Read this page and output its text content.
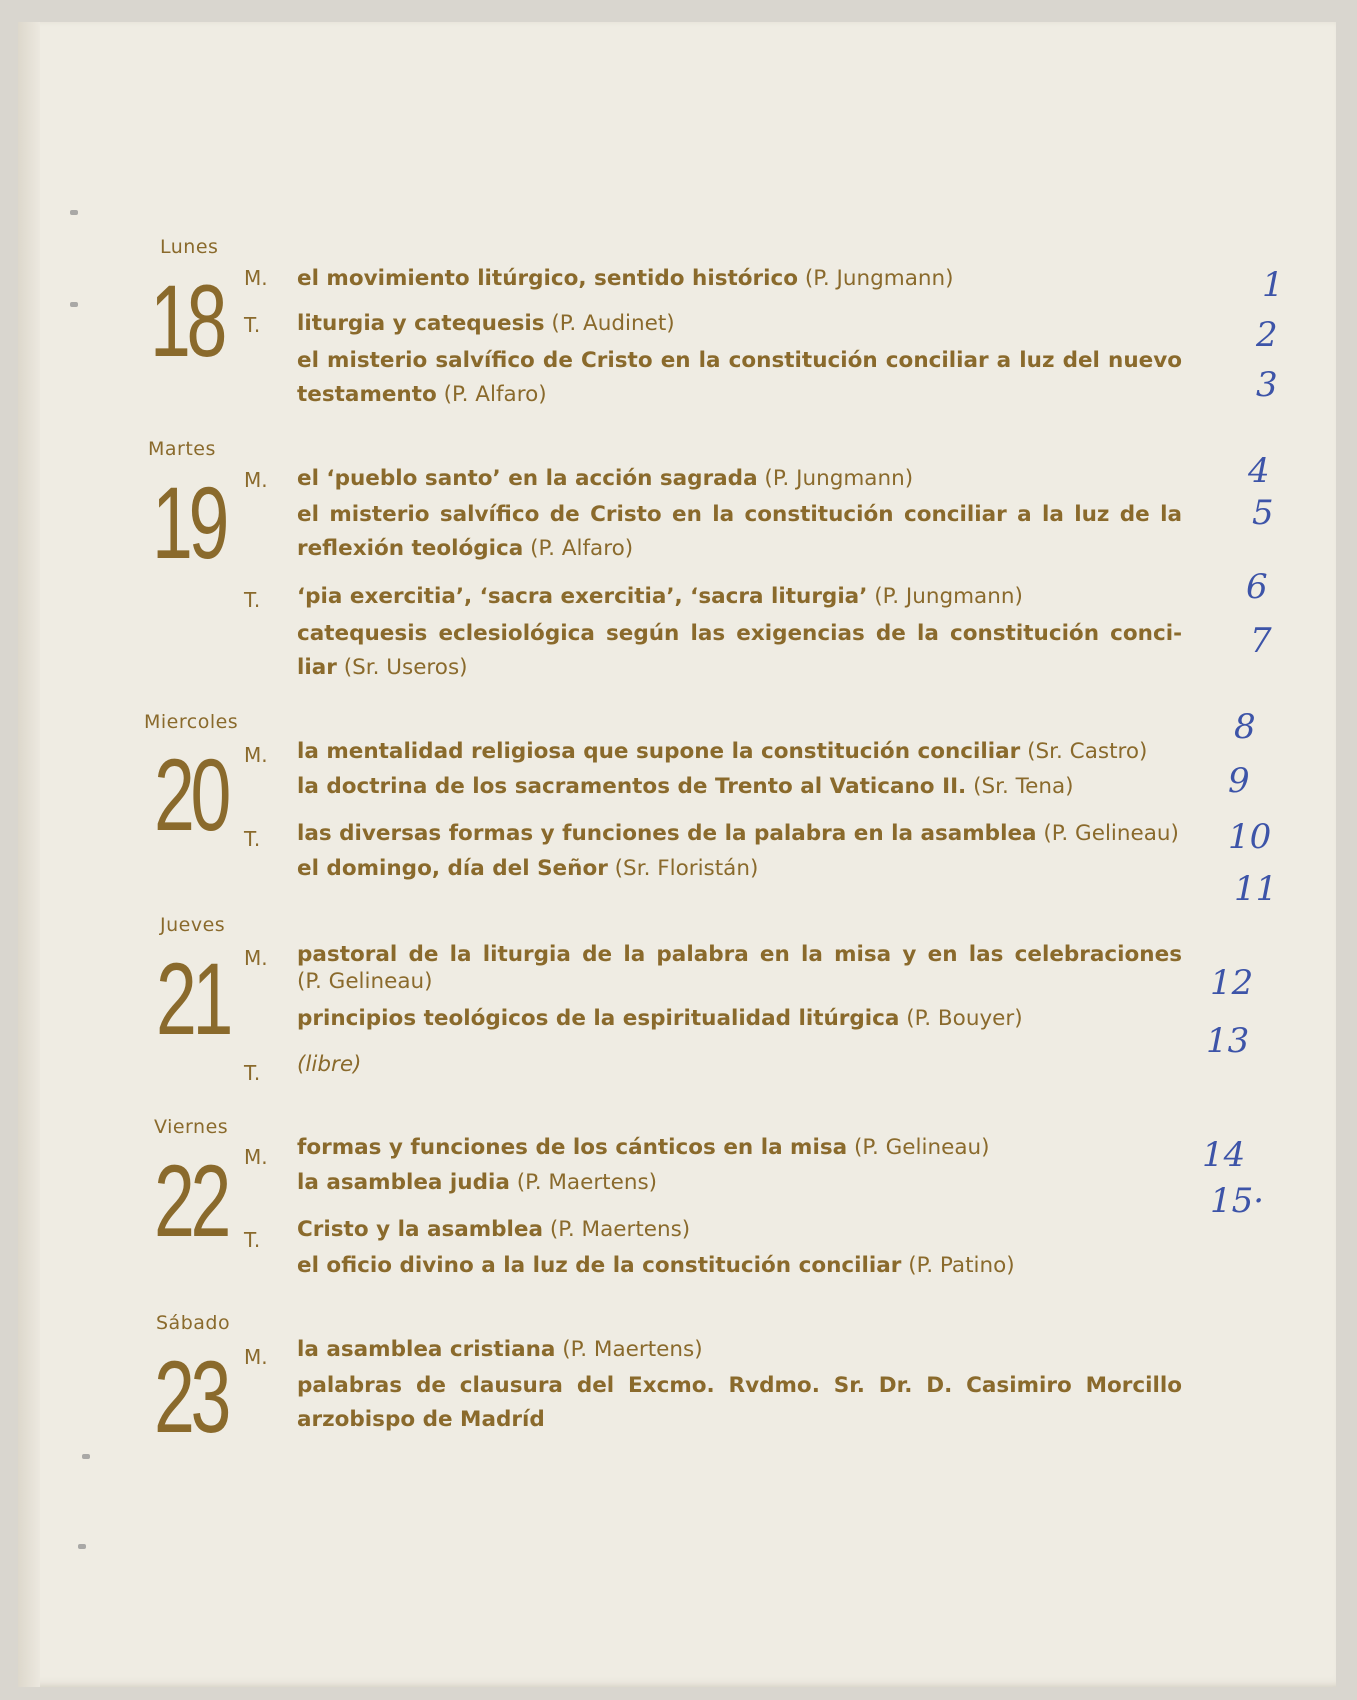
Lunes
18 M.
T.
Martes
19 M.
T.
Miercoles
20 M.
T.
Jueves
21 M.
T.
Viernes
22 M.
T.
Sábado
23 M.
el movimiento litúrgico, sentido histórico (P. Jungmann)
liturgia y catequesis (P. Audinet)
el misterio salvífico de Cristo en la constitución conciliar a luz del nuevo
testamento (P. Alfaro)
el ‘pueblo santo’ en la acción sagrada (P. Jungmann)
el misterio salvífico de Cristo en la constitución conciliar a la luz de la
reflexión teológica (P. Alfaro)
‘pia exercitia’, ‘sacra exercitia’, ‘sacra liturgia’ (P. Jungmann)
catequesis eclesiológica según las exigencias de la constitución conci-
liar (Sr. Useros)
la mentalidad religiosa que supone la constitución conciliar (Sr. Castro)
la doctrina de los sacramentos de Trento al Vaticano II. (Sr. Tena)
las diversas formas y funciones de la palabra en la asamblea (P. Gelineau)
el domingo, día del Señor (Sr. Floristán)
pastoral de la liturgia de la palabra en la misa y en las celebraciones
(P. Gelineau)
principios teológicos de la espiritualidad litúrgica (P. Bouyer)
(libre)
formas y funciones de los cánticos en la misa (P. Gelineau)
la asamblea judia (P. Maertens)
Cristo y la asamblea (P. Maertens)
el oficio divino a la luz de la constitución conciliar (P. Patino)
la asamblea cristiana (P. Maertens)
palabras de clausura del Excmo. Rvdmo. Sr. Dr. D. Casimiro Morcillo
arzobispo de Madríd
1
2
3
4
5
6
7
8
9
10
11
12
13
14
15·
